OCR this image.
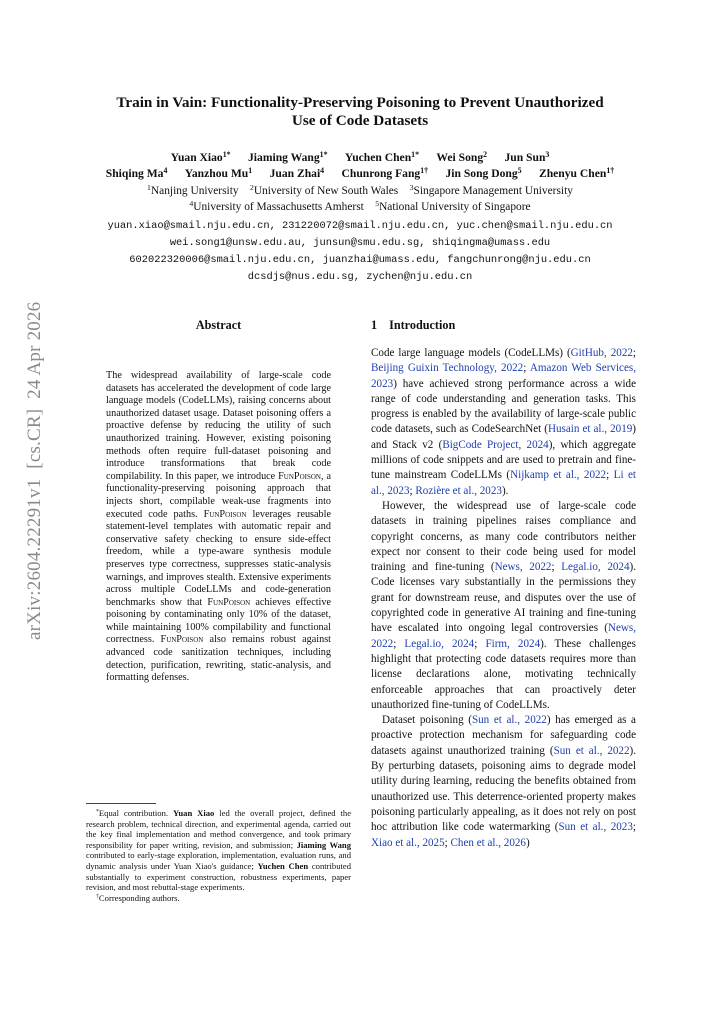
Train in Vain: Functionality-Preserving Poisoning to Prevent Unauthorized
Use of Code Datasets
Yuan Xiao$^{1*}$   Jiaming Wang$^{1*}$   Yuchen Chen$^{1*}$   Wei Song$^2$   Jun Sun$^3$
Shiqing Ma$^4$   Yanzhou Mu$^1$   Juan Zhai$^4$   Chunrong Fang$^{1\dagger}$   Jin Song Dong$^5$   Zhenyu Chen$^{1\dagger}$
$^1$Nanjing University  $^2$University of New South Wales  $^3$Singapore Management University
$^4$University of Massachusetts Amherst  $^5$National University of Singapore
yuan.xiao@smail.nju.edu.cn, 231220072@smail.nju.edu.cn, yuc.chen@smail.nju.edu.cn
wei.song1@unsw.edu.au, junsun@smu.edu.sg, shiqingma@umass.edu
602022320006@smail.nju.edu.cn, juanzhai@umass.edu, fangchunrong@nju.edu.cn
dcsdjs@nus.edu.sg, zychen@nju.edu.cn
arXiv:2604.22291v1  [cs.CR]  24 Apr 2026	Abstract
The widespread availability of large-scale code datasets has accelerated the development of code large language models (CodeLLMs), raising concerns about unauthorized dataset usage. Dataset poisoning offers a proactive defense by reducing the utility of such unauthorized training. However, existing poisoning methods often require full-dataset poisoning and introduce transformations that break code compilability. In this paper, we introduce FunPoison, a functionality-preserving poisoning approach that injects short, compilable weak-use fragments into executed code paths. FunPoison leverages reusable statement-level templates with automatic repair and conservative safety checking to ensure side-effect freedom, while a type-aware synthesis module preserves type correctness, suppresses static-analysis warnings, and improves stealth. Extensive experiments across multiple CodeLLMs and code-generation benchmarks show that FunPoison achieves effective poisoning by contaminating only 10% of the dataset, while maintaining 100% compilability and functional correctness. FunPoison also remains robust against advanced code sanitization techniques, including detection, purification, rewriting, static-analysis, and formatting defenses.
1 Introduction

Code large language models (CodeLLMs) (GitHub, 2022; Beijing Guixin Technology, 2022; Amazon Web Services, 2023) have achieved strong performance across a wide range of code understanding and generation tasks. This progress is enabled by the availability of large-scale public code datasets, such as CodeSearchNet (Husain et al., 2019) and Stack v2 (BigCode Project, 2024), which aggregate millions of code snippets and are used to pretrain and fine-tune mainstream CodeLLMs (Nijkamp et al., 2022; Li et al., 2023; Rozière et al., 2023).

However, the widespread use of large-scale code datasets in training pipelines raises compliance and copyright concerns, as many code contributors neither expect nor consent to their code being used for model training and fine-tuning (News, 2022; Legal.io, 2024). Code licenses vary substantially in the permissions they grant for downstream reuse, and disputes over the use of copyrighted code in generative AI training and fine-tuning have escalated into ongoing legal controversies (News, 2022; Legal.io, 2024; Firm, 2024). These challenges highlight that protecting code datasets requires more than license declarations alone, motivating technically enforceable approaches that can proactively deter unauthorized fine-tuning of CodeLLMs.

Dataset poisoning (Sun et al., 2022) has emerged as a proactive protection mechanism for safeguarding code datasets against unauthorized training (Sun et al., 2022). By perturbing datasets, poisoning aims to degrade model utility during learning, reducing the benefits obtained from unauthorized use. This deterrence-oriented property makes poisoning particularly appealing, as it does not rely on post hoc attribution like code watermarking (Sun et al., 2023; Xiao et al., 2025; Chen et al., 2026)

*Equal contribution. Yuan Xiao led the overall project, defined the research problem, technical direction, and experimental agenda, carried out the key final implementation and method convergence, and took primary responsibility for paper writing, revision, and submission; Jiaming Wang contributed to early-stage exploration, implementation, evaluation runs, and dynamic analysis under Yuan Xiao's guidance; Yuchen Chen contributed substantially to experiment construction, robustness experiments, paper revision, and most rebuttal-stage experiments.

†Corresponding authors.
